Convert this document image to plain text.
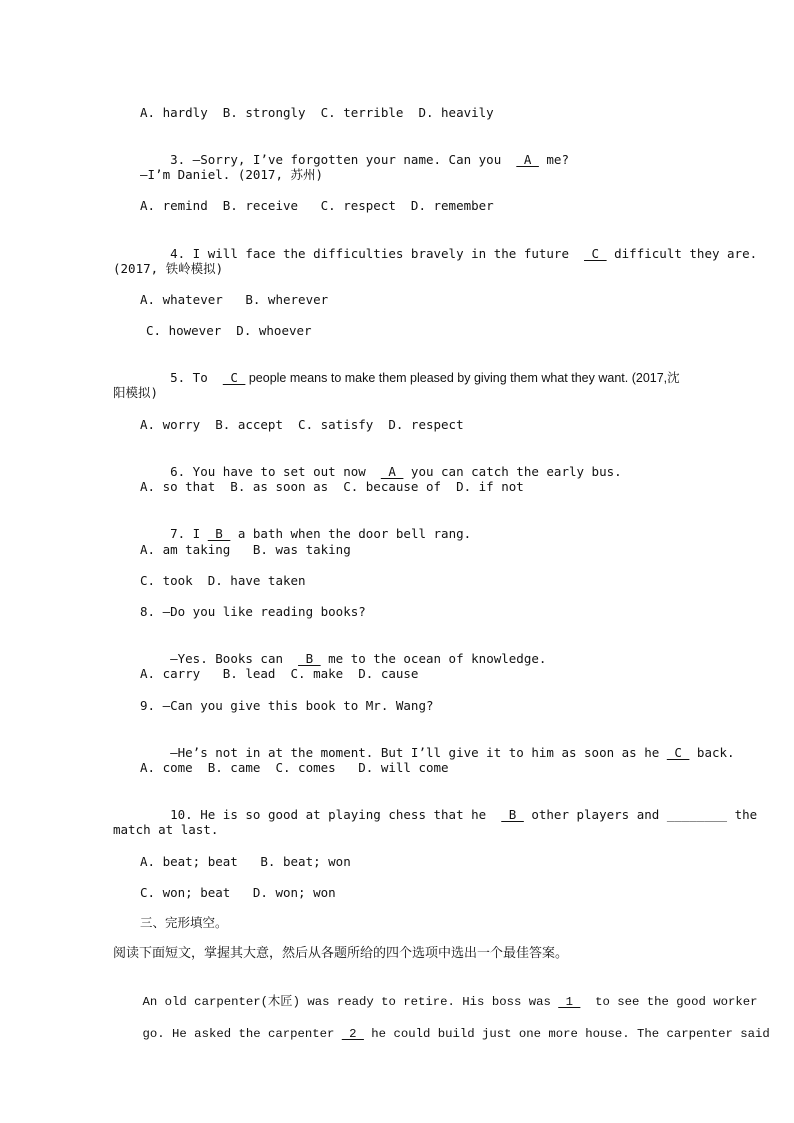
A. hardly  B. strongly  C. terrible  D. heavily

3. —Sorry, I’ve forgotten your name. Can you   A  me?

—I’m Daniel. (2017, 苏州)
A. remind  B. receive   C. respect  D. remember

4. I will face the difficulties bravely in the future   C  difficult they are.

(2017, 铁岭模拟)
A. whatever   B. wherever
C. however  D. whoever

5. To   C  people means to make them pleased by giving them what they want. (2017,沈

阳模拟)
A. worry  B. accept  C. satisfy  D. respect

6. You have to set out now   A  you can catch the early bus.

A. so that  B. as soon as  C. because of  D. if not

7. I  B  a bath when the door bell rang.

A. am taking   B. was taking
C. took  D. have taken
8. —Do you like reading books?

—Yes. Books can   B  me to the ocean of knowledge.

A. carry   B. lead  C. make  D. cause
9. —Can you give this book to Mr. Wang?

—He’s not in at the moment. But I’ll give it to him as soon as he  C  back.

A. come  B. came  C. comes   D. will come

10. He is so good at playing chess that he   B  other players and ________ the

match at last.
A. beat; beat   B. beat; won
C. won; beat   D. won; won
三、完形填空。
阅读下面短文，掌握其大意，然后从各题所给的四个选项中选出一个最佳答案。

An old carpenter(木匠) was ready to retire. His boss was  1   to see the good worker

go. He asked the carpenter  2  he could build just one more house. The carpenter said
